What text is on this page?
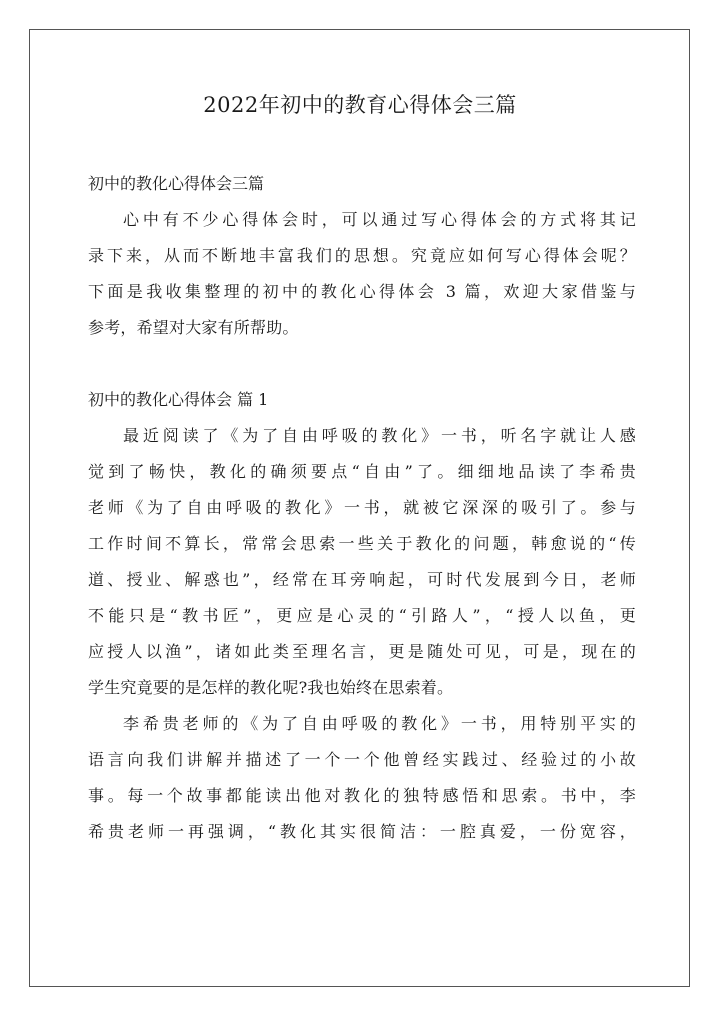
2022年初中的教育心得体会三篇
初中的教化心得体会三篇
心中有不少心得体会时，可以通过写心得体会的方式将其记
录下来，从而不断地丰富我们的思想。究竟应如何写心得体会呢？
下面是我收集整理的初中的教化心得体会 3 篇，欢迎大家借鉴与
参考，希望对大家有所帮助。
初中的教化心得体会 篇 1
最近阅读了《为了自由呼吸的教化》一书，听名字就让人感
觉到了畅快，教化的确须要点“自由”了。细细地品读了李希贵
老师《为了自由呼吸的教化》一书，就被它深深的吸引了。参与
工作时间不算长，常常会思索一些关于教化的问题，韩愈说的“传
道、授业、解惑也”，经常在耳旁响起，可时代发展到今日，老师
不能只是“教书匠”，更应是心灵的“引路人”，“授人以鱼，更
应授人以渔”，诸如此类至理名言，更是随处可见，可是，现在的
学生究竟要的是怎样的教化呢?我也始终在思索着。
李希贵老师的《为了自由呼吸的教化》一书，用特别平实的
语言向我们讲解并描述了一个一个他曾经实践过、经验过的小故
事。每一个故事都能读出他对教化的独特感悟和思索。书中，李
希贵老师一再强调，“教化其实很简洁：一腔真爱，一份宽容，
